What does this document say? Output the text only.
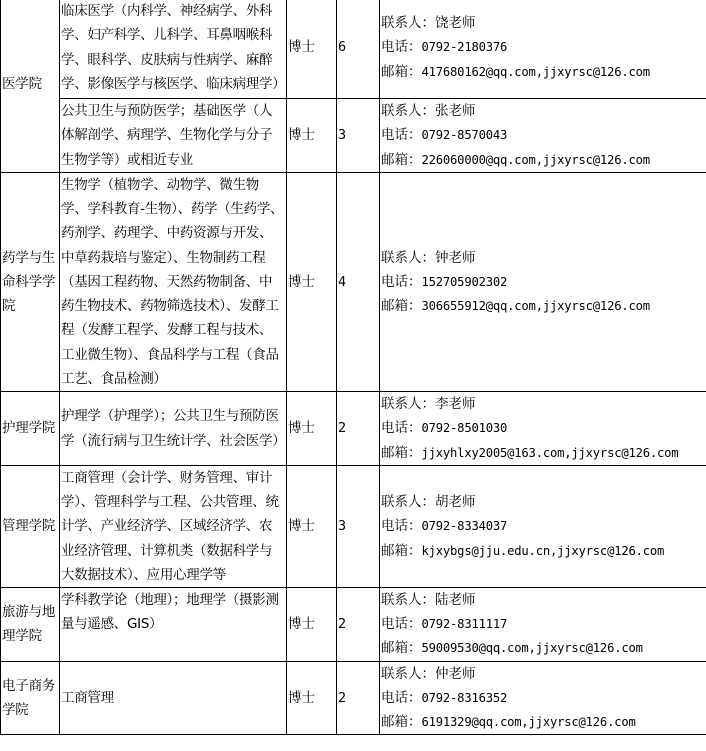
医学院	临床医学（内科学、神经病学、外科学、妇产科学、儿科学、耳鼻咽喉科学、眼科学、皮肤病与性病学、麻醉学、影像医学与核医学、临床病理学）	博士	6	联系人：饶老师
电话：0792-2180376
邮箱：417680162@qq.com,jjxyrsc@126.com

	公共卫生与预防医学；基础医学（人体解剖学、病理学、生物化学与分子生物学等）或相近专业	博士	3	联系人：张老师
电话：0792-8570043
邮箱：226060000@qq.com,jjxyrsc@126.com

药学与生命科学学院	生物学（植物学、动物学、微生物学、学科教育-生物）、药学（生药学、药剂学、药理学、中药资源与开发、中草药栽培与鉴定）、生物制药工程（基因工程药物、天然药物制备、中药生物技术、药物筛选技术）、发酵工程（发酵工程学、发酵工程与技术、工业微生物）、食品科学与工程（食品工艺、食品检测）	博士	4	联系人：钟老师
电话：152705902302
邮箱：306655912@qq.com,jjxyrsc@126.com

护理学院	护理学（护理学）；公共卫生与预防医学（流行病与卫生统计学、社会医学）	博士	2	联系人：李老师
电话：0792-8501030
邮箱：jjxyhlxy2005@163.com,jjxyrsc@126.com

管理学院	工商管理（会计学、财务管理、审计学）、管理科学与工程、公共管理、统计学、产业经济学、区域经济学、农业经济管理、计算机类（数据科学与大数据技术）、应用心理学等	博士	3	联系人：胡老师
电话：0792-8334037
邮箱：kjxybgs@jju.edu.cn,jjxyrsc@126.com

旅游与地理学院	学科教学论（地理）；地理学（摄影测量与遥感、GIS）	博士	2	联系人：陆老师
电话：0792-8311117
邮箱：59009530@qq.com,jjxyrsc@126.com

电子商务学院	工商管理	博士	2	联系人：仲老师
电话：0792-8316352
邮箱：6191329@qq.com,jjxyrsc@126.com
